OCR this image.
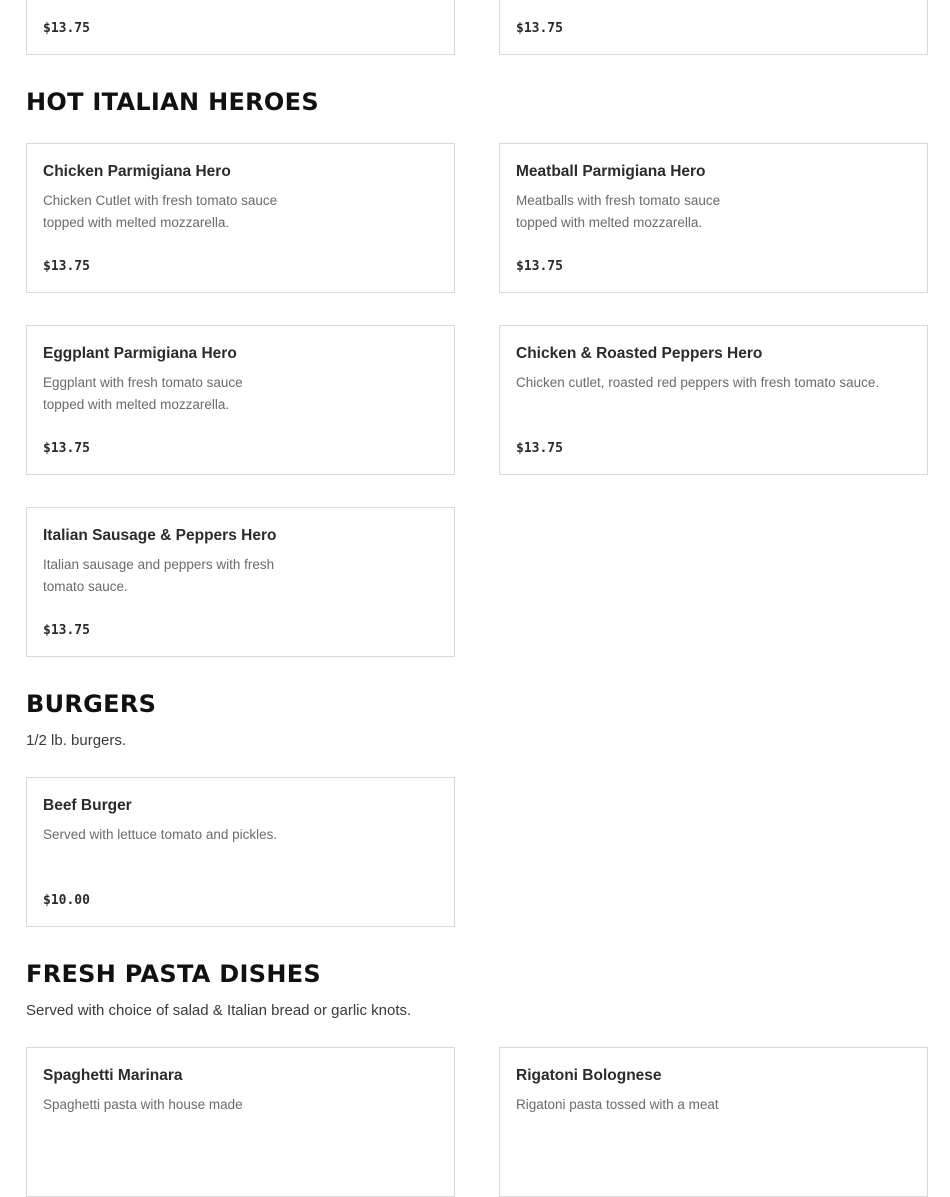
$13.75	$13.75
HOT ITALIAN HEROES
Chicken Parmigiana Hero
Chicken Cutlet with fresh tomato sauce
topped with melted mozzarella.
$13.75
Meatball Parmigiana Hero
Meatballs with fresh tomato sauce
topped with melted mozzarella.
$13.75
Eggplant Parmigiana Hero
Eggplant with fresh tomato sauce
topped with melted mozzarella.
$13.75
Chicken & Roasted Peppers Hero
Chicken cutlet, roasted red peppers with fresh tomato sauce.
$13.75
Italian Sausage & Peppers Hero
Italian sausage and peppers with fresh
tomato sauce.
$13.75
BURGERS
1/2 lb. burgers.
Beef Burger
Served with lettuce tomato and pickles.
$10.00
FRESH PASTA DISHES
Served with choice of salad & Italian bread or garlic knots.
Spaghetti Marinara
Spaghetti pasta with house made
Rigatoni Bolognese
Rigatoni pasta tossed with a meat
